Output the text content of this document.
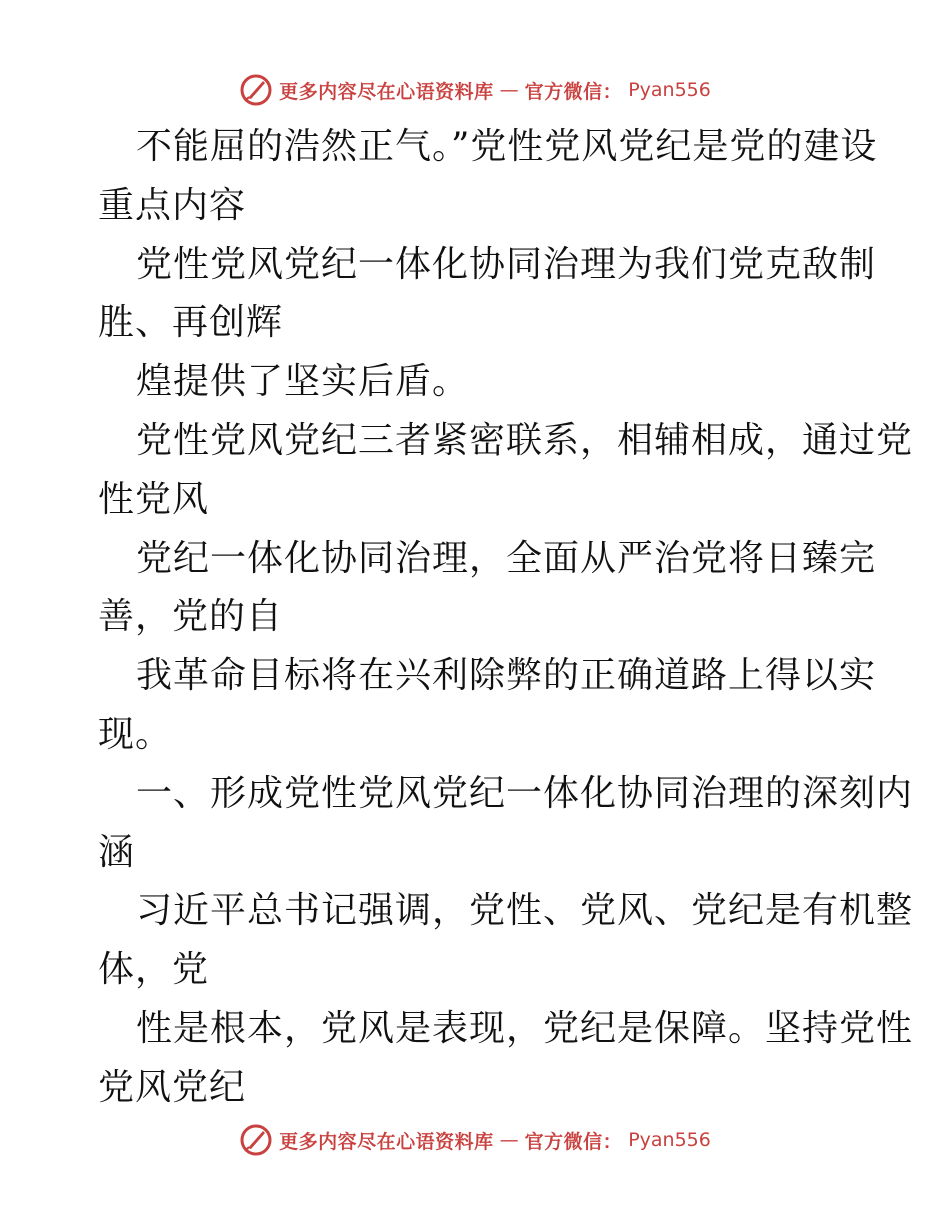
更多内容尽在心语资料库 — 官方微信： Pyan556
不能屈的浩然正气。”党性党风党纪是党的建设
重点内容
党性党风党纪一体化协同治理为我们党克敌制
胜、再创辉
煌提供了坚实后盾。
党性党风党纪三者紧密联系，相辅相成，通过党
性党风
党纪一体化协同治理，全面从严治党将日臻完
善，党的自
我革命目标将在兴利除弊的正确道路上得以实
现。
一、形成党性党风党纪一体化协同治理的深刻内
涵
习近平总书记强调，党性、党风、党纪是有机整
体，党
性是根本，党风是表现，党纪是保障。坚持党性
党风党纪
更多内容尽在心语资料库 — 官方微信： Pyan556
